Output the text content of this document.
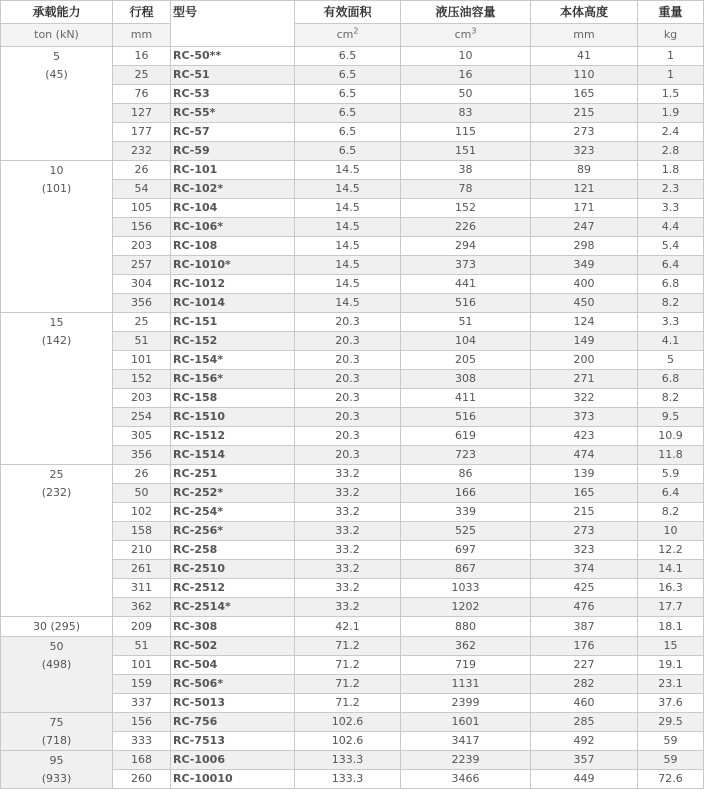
承载能力	行程	型号	有效面积	液压油容量	本体高度	重量
ton (kN)	mm		$cm^2$	$cm^3$	mm	kg

5
(45)	16	RC-50**	6.5	10	41	1
	25	RC-51	6.5	16	110	1
	76	RC-53	6.5	50	165	1.5
	127	RC-55*	6.5	83	215	1.9
	177	RC-57	6.5	115	273	2.4
	232	RC-59	6.5	151	323	2.8

10
(101)	26	RC-101	14.5	38	89	1.8
	54	RC-102*	14.5	78	121	2.3
	105	RC-104	14.5	152	171	3.3
	156	RC-106*	14.5	226	247	4.4
	203	RC-108	14.5	294	298	5.4
	257	RC-1010*	14.5	373	349	6.4
	304	RC-1012	14.5	441	400	6.8
	356	RC-1014	14.5	516	450	8.2

15
(142)	25	RC-151	20.3	51	124	3.3
	51	RC-152	20.3	104	149	4.1
	101	RC-154*	20.3	205	200	5
	152	RC-156*	20.3	308	271	6.8
	203	RC-158	20.3	411	322	8.2
	254	RC-1510	20.3	516	373	9.5
	305	RC-1512	20.3	619	423	10.9
	356	RC-1514	20.3	723	474	11.8

25
(232)	26	RC-251	33.2	86	139	5.9
	50	RC-252*	33.2	166	165	6.4
	102	RC-254*	33.2	339	215	8.2
	158	RC-256*	33.2	525	273	10
	210	RC-258	33.2	697	323	12.2
	261	RC-2510	33.2	867	374	14.1
	311	RC-2512	33.2	1033	425	16.3
	362	RC-2514*	33.2	1202	476	17.7

30 (295)	209	RC-308	42.1	880	387	18.1

50
(498)	51	RC-502	71.2	362	176	15
	101	RC-504	71.2	719	227	19.1
	159	RC-506*	71.2	1131	282	23.1
	337	RC-5013	71.2	2399	460	37.6

75
(718)	156	RC-756	102.6	1601	285	29.5
	333	RC-7513	102.6	3417	492	59

95
(933)	168	RC-1006	133.3	2239	357	59
	260	RC-10010	133.3	3466	449	72.6
